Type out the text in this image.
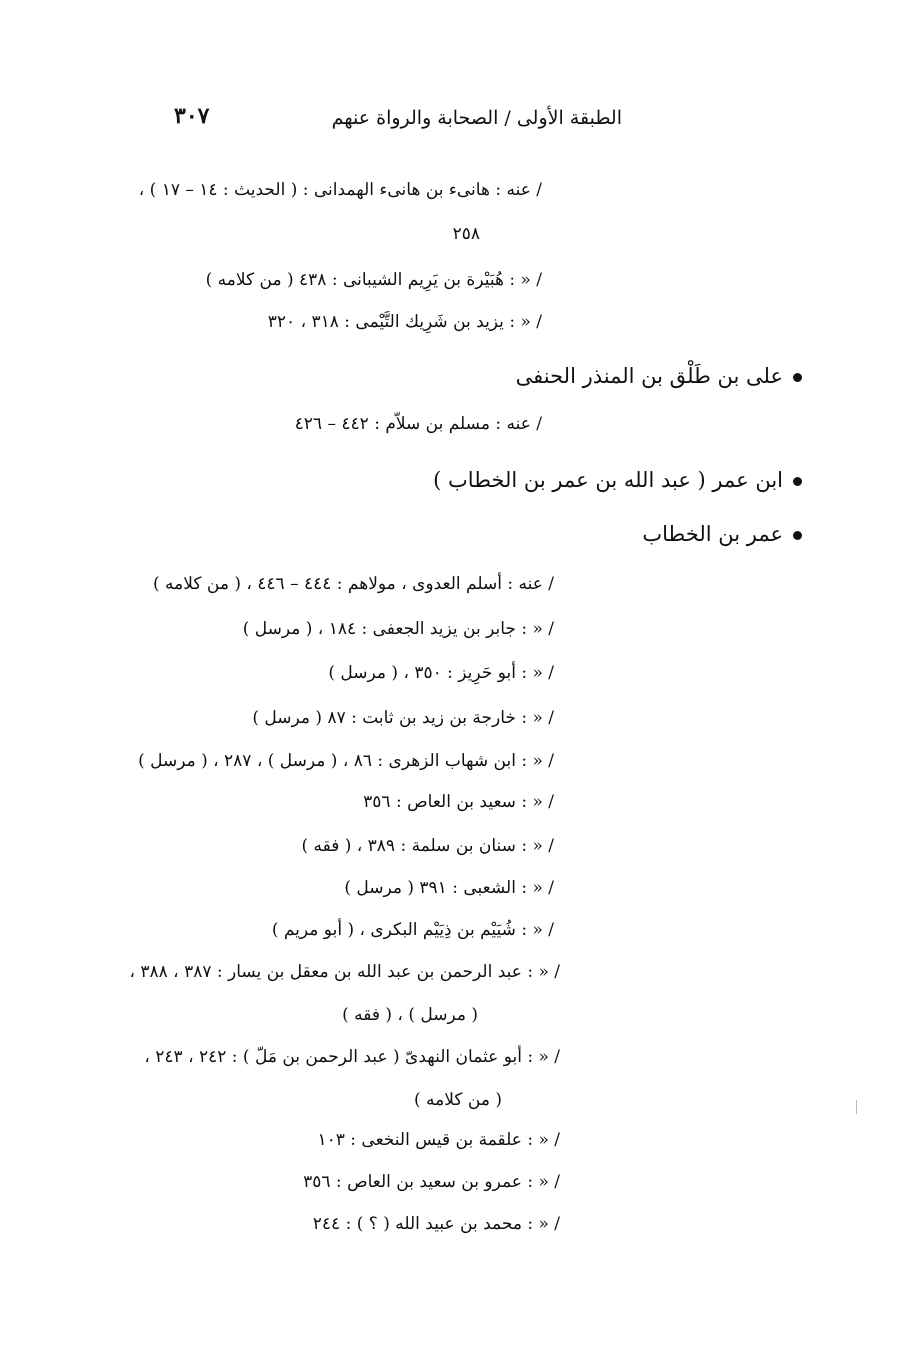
الطبقة الأولى / الصحابة والرواة عنهم
٣٠٧
/ عنه : هانىء بن هانىء الهمدانى : ( الحديث : ١٤ – ١٧ ) ،
٢٥٨
/ « : هُبَيْرة بن يَرِيم الشيبانى : ٤٣٨ ( من كلامه )
/ « : يزيد بن شَرِيك التَّيْمى : ٣١٨ ، ٣٢٠
على بن طَلْق بن المنذر الحنفى
/ عنه : مسلم بن سلاّم : ٤٤٢ – ٤٢٦
ابن عمر ( عبد الله بن عمر بن الخطاب )
عمر بن الخطاب
/ عنه : أسلم العدوى ، مولاهم : ٤٤٤ – ٤٤٦ ، ( من كلامه )
/ « : جابر بن يزيد الجعفى : ١٨٤ ، ( مرسل )
/ « : أبو حَرِيز : ٣٥٠ ، ( مرسل )
/ « : خارجة بن زيد بن ثابت : ٨٧ ( مرسل )
/ « : ابن شهاب الزهرى : ٨٦ ، ( مرسل ) ، ٢٨٧ ، ( مرسل )
/ « : سعيد بن العاص : ٣٥٦
/ « : سنان بن سلمة : ٣٨٩ ، ( فقه )
/ « : الشعبى : ٣٩١ ( مرسل )
/ « : شُيَيْم بن ذِيَيْم البكرى ، ( أبو مريم )
/ « : عبد الرحمن بن عبد الله بن معقل بن يسار : ٣٨٧ ، ٣٨٨ ،
( مرسل ) ، ( فقه )
/ « : أبو عثمان النهدىّ ( عبد الرحمن بن مَلّ ) : ٢٤٢ ، ٢٤٣ ،
( من كلامه )
/ « : علقمة بن قيس النخعى : ١٠٣
/ « : عمرو بن سعيد بن العاص : ٣٥٦
/ « : محمد بن عبيد الله ( ؟ ) : ٢٤٤
